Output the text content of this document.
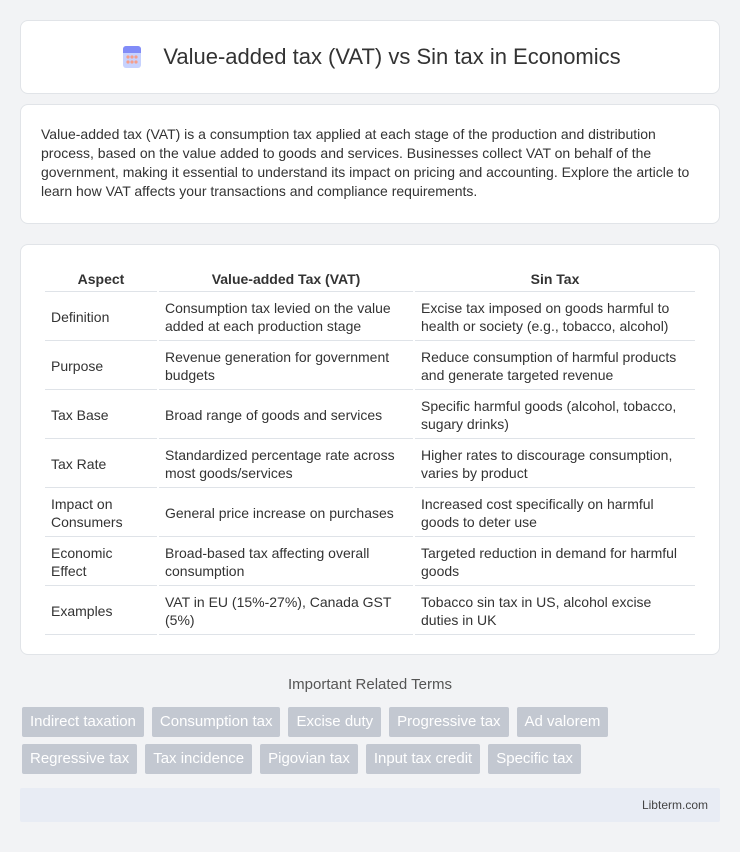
Value-added tax (VAT) vs Sin tax in Economics

Value-added tax (VAT) is a consumption tax applied at each stage of the production and distribution process, based on the value added to goods and services. Businesses collect VAT on behalf of the government, making it essential to understand its impact on pricing and accounting. Explore the article to learn how VAT affects your transactions and compliance requirements.

Aspect	Value-added Tax (VAT)	Sin Tax
Definition	Consumption tax levied on the value added at each production stage	Excise tax imposed on goods harmful to health or society (e.g., tobacco, alcohol)
Purpose	Revenue generation for government budgets	Reduce consumption of harmful products and generate targeted revenue
Tax Base	Broad range of goods and services	Specific harmful goods (alcohol, tobacco, sugary drinks)
Tax Rate	Standardized percentage rate across most goods/services	Higher rates to discourage consumption, varies by product
Impact on Consumers	General price increase on purchases	Increased cost specifically on harmful goods to deter use
Economic Effect	Broad-based tax affecting overall consumption	Targeted reduction in demand for harmful goods
Examples	VAT in EU (15%-27%), Canada GST (5%)	Tobacco sin tax in US, alcohol excise duties in UK
Important Related Terms
Indirect taxation	Consumption tax	Excise duty	Progressive tax	Ad valorem
Regressive tax	Tax incidence	Pigovian tax	Input tax credit	Specific tax
Libterm.com
